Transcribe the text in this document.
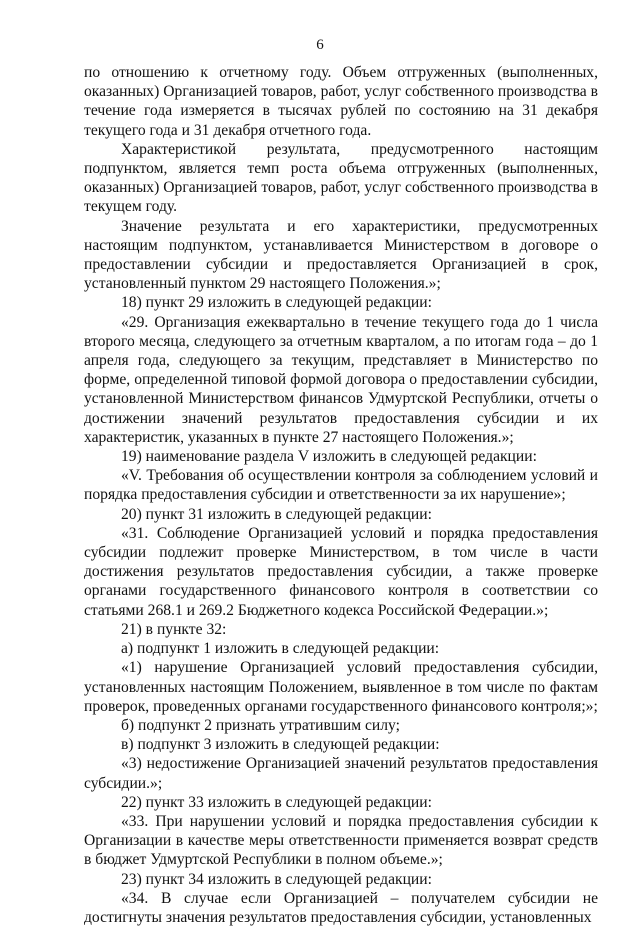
6

по отношению к отчетному году. Объем отгруженных (выполненных, оказанных) Организацией товаров, работ, услуг собственного производства в течение года измеряется в тысячах рублей по состоянию на 31 декабря текущего года и 31 декабря отчетного года.

Характеристикой результата, предусмотренного настоящим подпунктом, является темп роста объема отгруженных (выполненных, оказанных) Организацией товаров, работ, услуг собственного производства в текущем году.

Значение результата и его характеристики, предусмотренных настоящим подпунктом, устанавливается Министерством в договоре о предоставлении субсидии и предоставляется Организацией в срок, установленный пунктом 29 настоящего Положения.»;

18) пункт 29 изложить в следующей редакции:

«29. Организация ежеквартально в течение текущего года до 1 числа второго месяца, следующего за отчетным кварталом, а по итогам года – до 1 апреля года, следующего за текущим, представляет в Министерство по форме, определенной типовой формой договора о предоставлении субсидии, установленной Министерством финансов Удмуртской Республики, отчеты о достижении значений результатов предоставления субсидии и их характеристик, указанных в пункте 27 настоящего Положения.»;

19) наименование раздела V изложить в следующей редакции:

«V. Требования об осуществлении контроля за соблюдением условий и порядка предоставления субсидии и ответственности за их нарушение»;

20) пункт 31 изложить в следующей редакции:

«31. Соблюдение Организацией условий и порядка предоставления субсидии подлежит проверке Министерством, в том числе в части достижения результатов предоставления субсидии, а также проверке органами государственного финансового контроля в соответствии со статьями 268.1 и 269.2 Бюджетного кодекса Российской Федерации.»;

21) в пункте 32:

а) подпункт 1 изложить в следующей редакции:

«1) нарушение Организацией условий предоставления субсидии, установленных настоящим Положением, выявленное в том числе по фактам проверок, проведенных органами государственного финансового контроля;»;

б) подпункт 2 признать утратившим силу;

в) подпункт 3 изложить в следующей редакции:

«3) недостижение Организацией значений результатов предоставления субсидии.»;

22) пункт 33 изложить в следующей редакции:

«33. При нарушении условий и порядка предоставления субсидии к Организации в качестве меры ответственности применяется возврат средств в бюджет Удмуртской Республики в полном объеме.»;

23) пункт 34 изложить в следующей редакции:

«34. В случае если Организацией – получателем субсидии не достигнуты значения результатов предоставления субсидии, установленных
